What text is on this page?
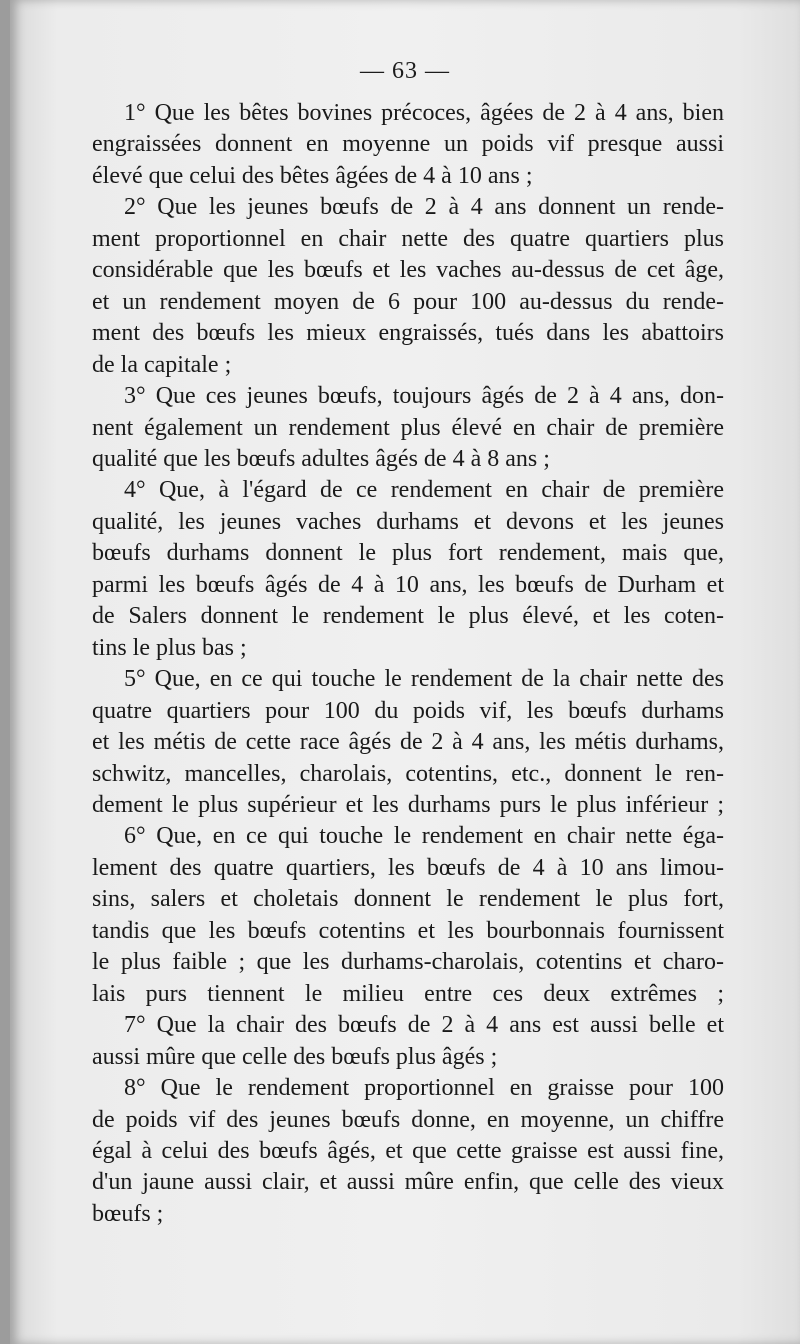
— 63 —

1° Que les bêtes bovines précoces, âgées de 2 à 4 ans, bien
engraissées donnent en moyenne un poids vif presque aussi
élevé que celui des bêtes âgées de 4 à 10 ans ;

2° Que les jeunes bœufs de 2 à 4 ans donnent un rende-
ment proportionnel en chair nette des quatre quartiers plus
considérable que les bœufs et les vaches au-dessus de cet âge,
et un rendement moyen de 6 pour 100 au-dessus du rende-
ment des bœufs les mieux engraissés, tués dans les abattoirs
de la capitale ;

3° Que ces jeunes bœufs, toujours âgés de 2 à 4 ans, don-
nent également un rendement plus élevé en chair de première
qualité que les bœufs adultes âgés de 4 à 8 ans ;

4° Que, à l'égard de ce rendement en chair de première
qualité, les jeunes vaches durhams et devons et les jeunes
bœufs durhams donnent le plus fort rendement, mais que,
parmi les bœufs âgés de 4 à 10 ans, les bœufs de Durham et
de Salers donnent le rendement le plus élevé, et les coten-
tins le plus bas ;

5° Que, en ce qui touche le rendement de la chair nette des
quatre quartiers pour 100 du poids vif, les bœufs durhams
et les métis de cette race âgés de 2 à 4 ans, les métis durhams,
schwitz, mancelles, charolais, cotentins, etc., donnent le ren-
dement le plus supérieur et les durhams purs le plus inférieur ;

6° Que, en ce qui touche le rendement en chair nette éga-
lement des quatre quartiers, les bœufs de 4 à 10 ans limou-
sins, salers et choletais donnent le rendement le plus fort,
tandis que les bœufs cotentins et les bourbonnais fournissent
le plus faible ; que les durhams-charolais, cotentins et charo-
lais purs tiennent le milieu entre ces deux extrêmes ;

7° Que la chair des bœufs de 2 à 4 ans est aussi belle et
aussi mûre que celle des bœufs plus âgés ;

8° Que le rendement proportionnel en graisse pour 100
de poids vif des jeunes bœufs donne, en moyenne, un chiffre
égal à celui des bœufs âgés, et que cette graisse est aussi fine,
d'un jaune aussi clair, et aussi mûre enfin, que celle des vieux
bœufs ;
